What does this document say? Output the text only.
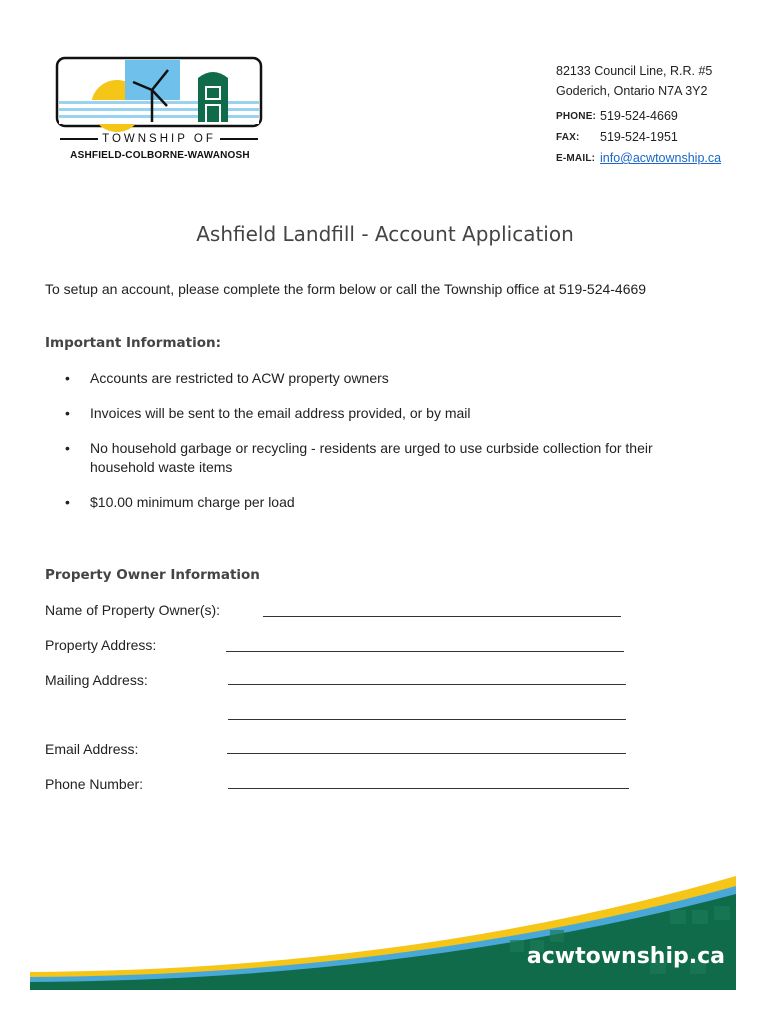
TOWNSHIP OF
ASHFIELD-COLBORNE-WAWANOSH
82133 Council Line, R.R. #5
Goderich, Ontario N7A 3Y2
PHONE: 519-524-4669
FAX: 519-524-1951
E-MAIL: info@acwtownship.ca
Ashfield Landfill - Account Application
To setup an account, please complete the form below or call the Township office at 519-524-4669
Important Information:
• Accounts are restricted to ACW property owners
• Invoices will be sent to the email address provided, or by mail
• No household garbage or recycling - residents are urged to use curbside collection for their household waste items
• $10.00 minimum charge per load
Property Owner Information
Name of Property Owner(s):
Property Address:
Mailing Address:
Email Address:
Phone Number:
acwtownship.ca
